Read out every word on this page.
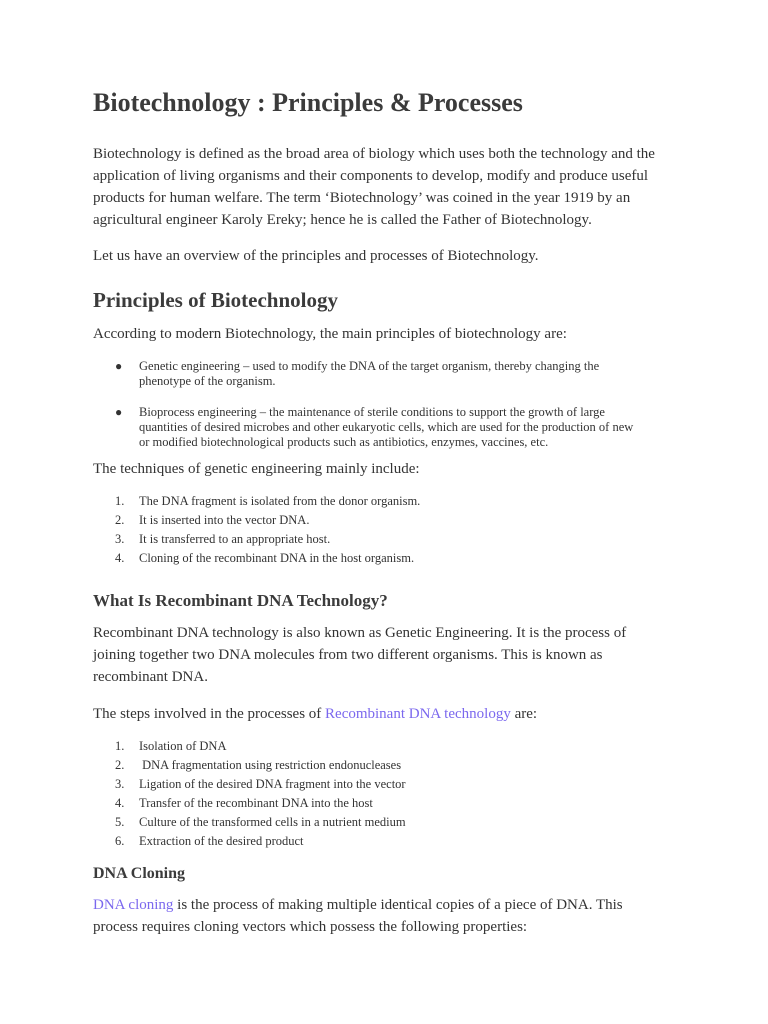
Biotechnology : Principles & Processes

Biotechnology is defined as the broad area of biology which uses both the technology and the
application of living organisms and their components to develop, modify and produce useful
products for human welfare. The term ‘Biotechnology’ was coined in the year 1919 by an
agricultural engineer Karoly Ereky; hence he is called the Father of Biotechnology.

Let us have an overview of the principles and processes of Biotechnology.

Principles of Biotechnology

According to modern Biotechnology, the main principles of biotechnology are:

● Genetic engineering – used to modify the DNA of the target organism, thereby changing the
phenotype of the organism.
● Bioprocess engineering – the maintenance of sterile conditions to support the growth of large
quantities of desired microbes and other eukaryotic cells, which are used for the production of new
or modified biotechnological products such as antibiotics, enzymes, vaccines, etc.

The techniques of genetic engineering mainly include:

1. The DNA fragment is isolated from the donor organism.
2. It is inserted into the vector DNA.
3. It is transferred to an appropriate host.
4. Cloning of the recombinant DNA in the host organism.
What Is Recombinant DNA Technology?

Recombinant DNA technology is also known as Genetic Engineering. It is the process of
joining together two DNA molecules from two different organisms. This is known as
recombinant DNA.

The steps involved in the processes of Recombinant DNA technology are:

1. Isolation of DNA
2. DNA fragmentation using restriction endonucleases
3. Ligation of the desired DNA fragment into the vector
4. Transfer of the recombinant DNA into the host
5. Culture of the transformed cells in a nutrient medium
6. Extraction of the desired product
DNA Cloning

DNA cloning is the process of making multiple identical copies of a piece of DNA. This
process requires cloning vectors which possess the following properties:
